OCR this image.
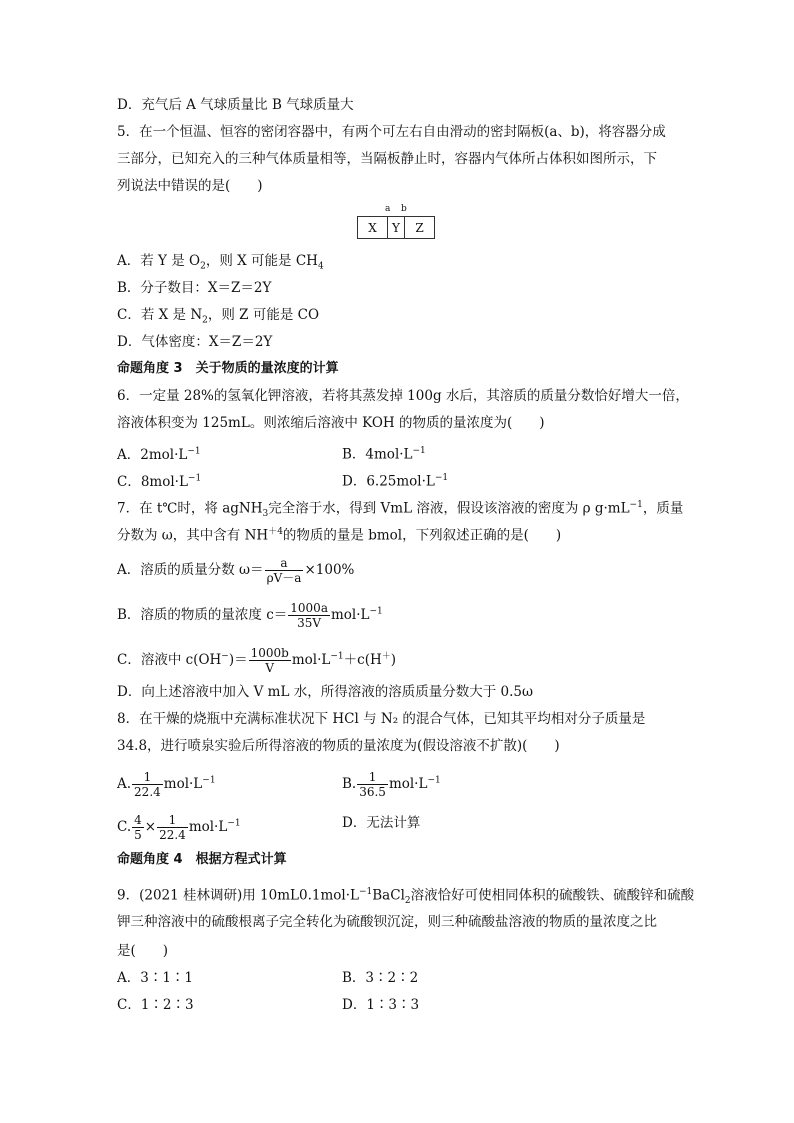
D．充气后 A 气球质量比 B 气球质量大
5．在一个恒温、恒容的密闭容器中，有两个可左右自由滑动的密封隔板(a、b)，将容器分成
三部分，已知充入的三种气体质量相等，当隔板静止时，容器内气体所占体积如图所示，下
列说法中错误的是(　　)
a b
X	Y	Z
A．若 Y 是 $O_2$，则 X 可能是 $CH_4$
B．分子数目：X＝Z＝2Y
C．若 X 是 $N_2$，则 Z 可能是 CO
D．气体密度：X＝Z＝2Y
命题角度 3　关于物质的量浓度的计算
6．一定量 28%的氢氧化钾溶液，若将其蒸发掉 100g 水后，其溶质的质量分数恰好增大一倍，
溶液体积变为 125mL。则浓缩后溶液中 KOH 的物质的量浓度为(　　)
A．$2mol\cdot L^{-1}$	B．$4mol\cdot L^{-1}$
C．$8mol\cdot L^{-1}$	D．$6.25mol\cdot L^{-1}$
7．在 t℃时，将 agNH$_3$完全溶于水，得到 VmL 溶液，假设该溶液的密度为 ρ $g\cdot mL^{-1}$，质量
分数为 ω，其中含有 $NH^{+4}$的物质的量是 bmol，下列叙述正确的是(　　)
A．溶质的质量分数 $\omega= \frac{a}{\rho V-a} \times 100\%$
B．溶质的物质的量浓度 $c= \frac{1000a}{35V} mol\cdot L^{-1}$
C．溶液中 $c(OH^-)= \frac{1000b}{V} mol\cdot L^{-1}+c(H^+)$
D．向上述溶液中加入 V mL 水，所得溶液的溶质质量分数大于 0.5ω
8．在干燥的烧瓶中充满标准状况下 HCl 与 N₂ 的混合气体，已知其平均相对分子质量是
34.8，进行喷泉实验后所得溶液的物质的量浓度为(假设溶液不扩散)(　　)
A. $\frac{1}{22.4} mol\cdot L^{-1}$	B. $\frac{1}{36.5} mol\cdot L^{-1}$
C. $\frac{4}{5} \times \frac{1}{22.4} mol\cdot L^{-1}$	D．无法计算
命题角度 4　根据方程式计算
9．(2021 桂林调研)用 $10mL0.1mol\cdot L^{-1}BaCl_2$溶液恰好可使相同体积的硫酸铁、硫酸锌和硫酸
钾三种溶液中的硫酸根离子完全转化为硫酸钡沉淀，则三种硫酸盐溶液的物质的量浓度之比
是(　　)
A．3∶1∶1	B．3∶2∶2
C．1∶2∶3	D．1∶3∶3
